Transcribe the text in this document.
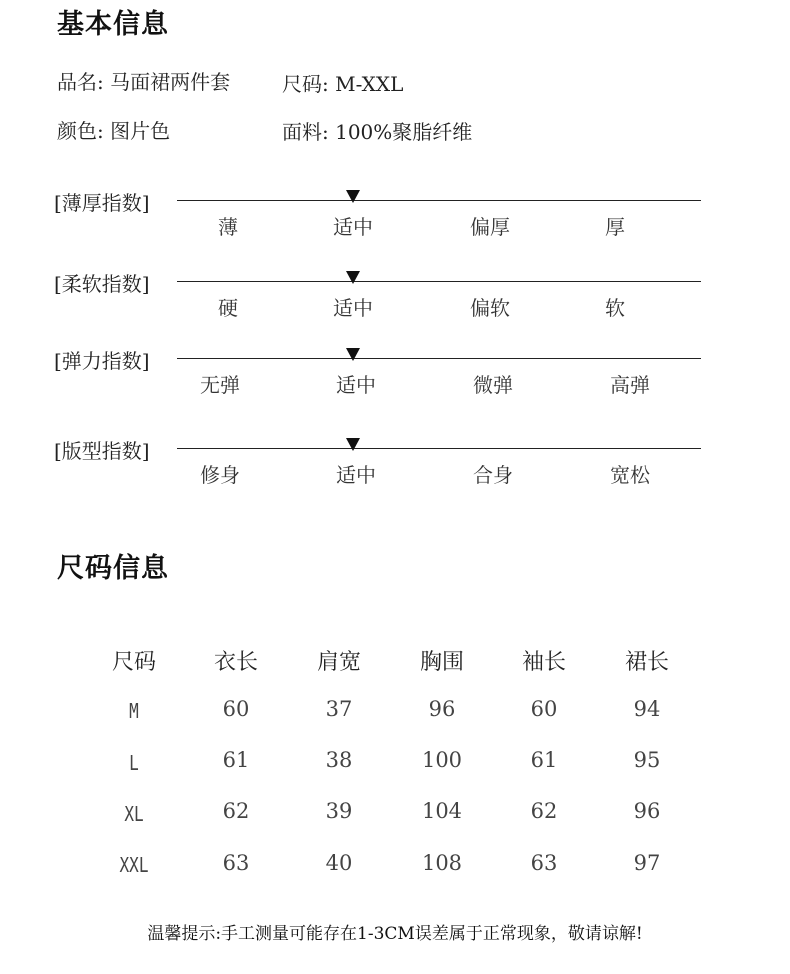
基本信息
品名: 马面裙两件套	尺码: M-XXL
颜色: 图片色	面料: 100%聚脂纤维
[薄厚指数]
薄	适中	偏厚	厚
[柔软指数]
硬	适中	偏软	软
[弹力指数]
无弹	适中	微弹	高弹
[版型指数]
修身	适中	合身	宽松
尺码信息
尺码	衣长	肩宽	胸围	袖长	裙长
M	60	37	96	60	94
L	61	38	100	61	95
XL	62	39	104	62	96
XXL	63	40	108	63	97
温馨提示:手工测量可能存在1-3CM误差属于正常现象，敬请谅解!
